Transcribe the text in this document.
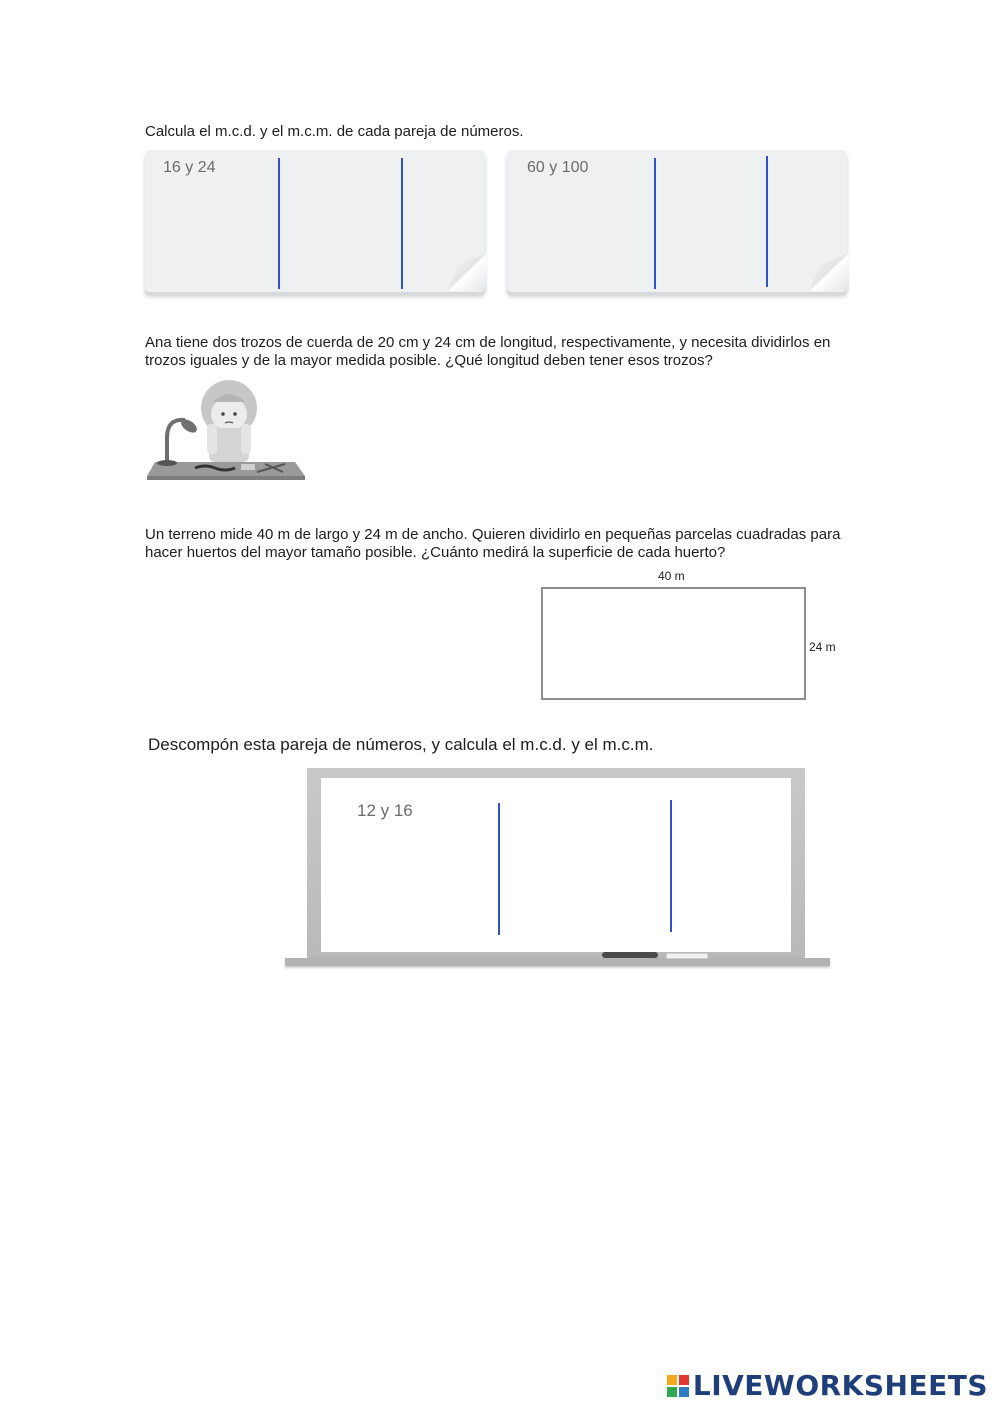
Calcula el m.c.d. y el m.c.m. de cada pareja de números.
16 y 24	60 y 100
Ana tiene dos trozos de cuerda de 20 cm y 24 cm de longitud, respectivamente, y necesita dividirlos en
trozos iguales y de la mayor medida posible. ¿Qué longitud deben tener esos trozos?
Un terreno mide 40 m de largo y 24 m de ancho. Quieren dividirlo en pequeñas parcelas cuadradas para
hacer huertos del mayor tamaño posible. ¿Cuánto medirá la superficie de cada huerto?
40 m
24 m
Descompón esta pareja de números, y calcula el m.c.d. y el m.c.m.
12 y 16
LIVEWORKSHEETS
